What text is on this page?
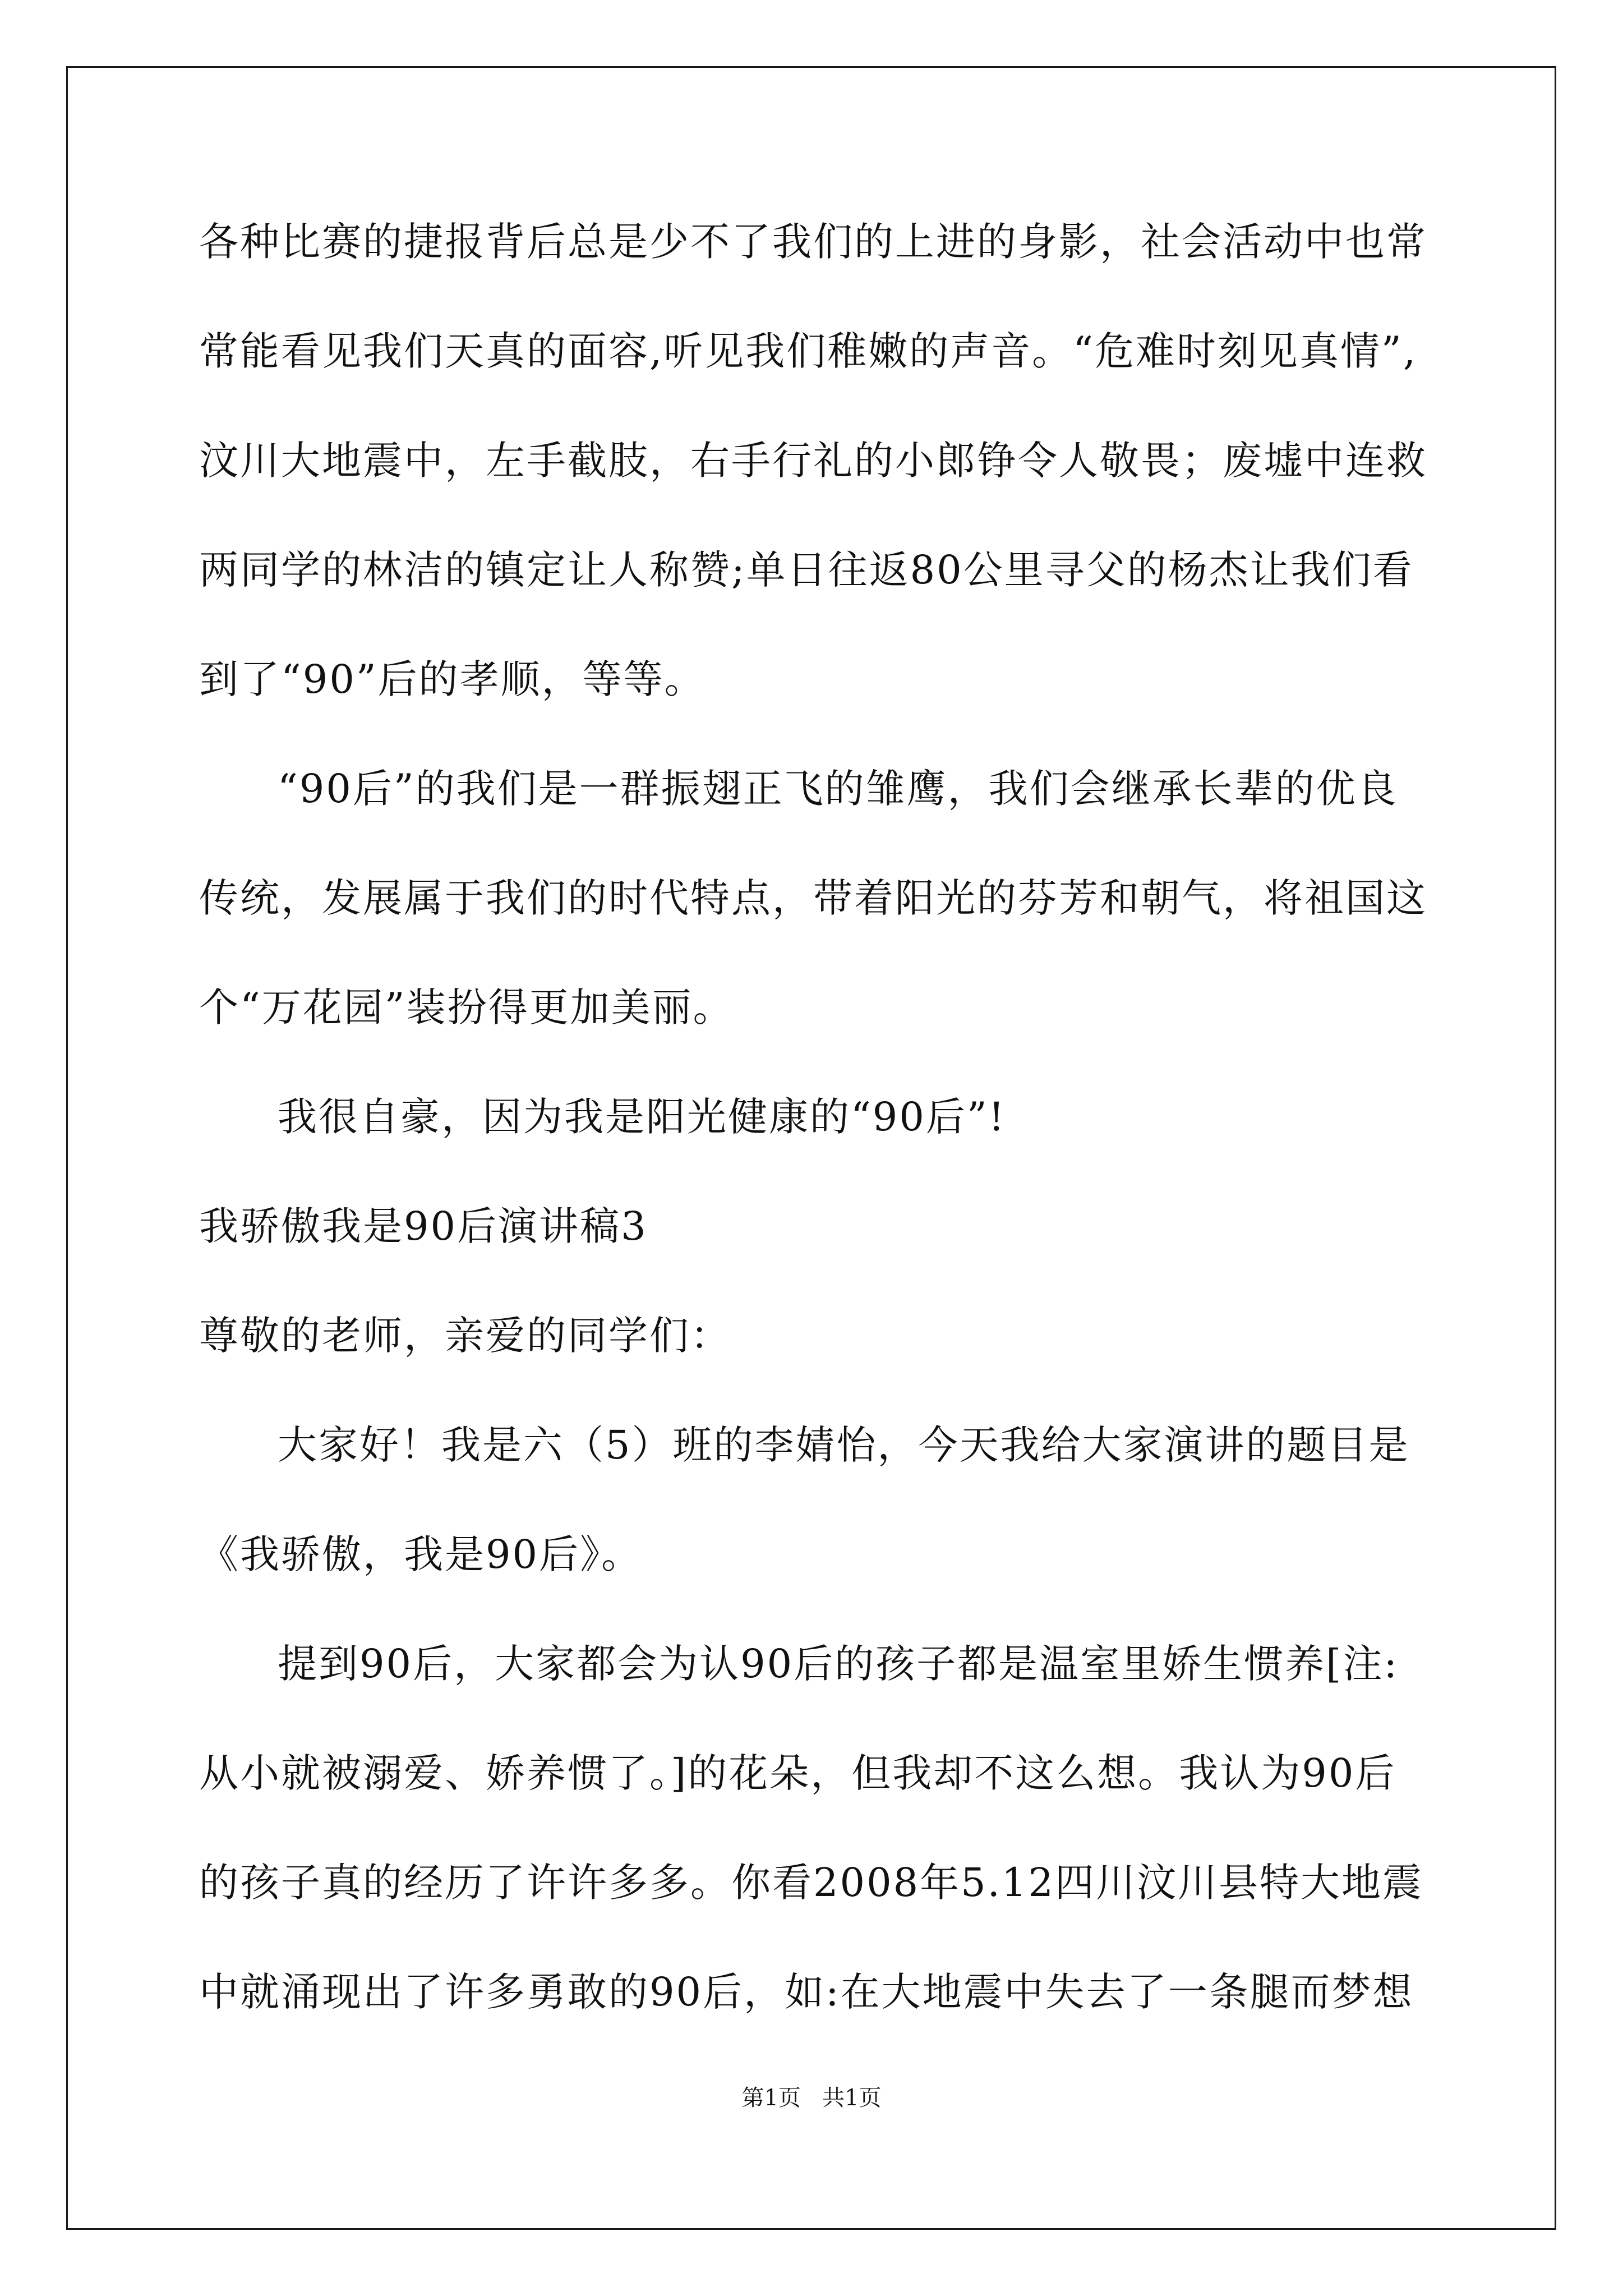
各种比赛的捷报背后总是少不了我们的上进的身影，社会活动中也常
常能看见我们天真的面容,听见我们稚嫩的声音。“危难时刻见真情”,
汶川大地震中，左手截肢，右手行礼的小郎铮令人敬畏；废墟中连救
两同学的林洁的镇定让人称赞;单日往返80公里寻父的杨杰让我们看
到了“90”后的孝顺，等等。
“90后”的我们是一群振翅正飞的雏鹰，我们会继承长辈的优良
传统，发展属于我们的时代特点，带着阳光的芬芳和朝气，将祖国这
个“万花园”装扮得更加美丽。
我很自豪，因为我是阳光健康的“90后”!
我骄傲我是90后演讲稿3
尊敬的老师，亲爱的同学们：
大家好！我是六（5）班的李婧怡，今天我给大家演讲的题目是
《我骄傲，我是90后》。
提到90后，大家都会为认90后的孩子都是温室里娇生惯养[注:
从小就被溺爱、娇养惯了。]的花朵，但我却不这么想。我认为90后
的孩子真的经历了许许多多。你看2008年5.12四川汶川县特大地震
中就涌现出了许多勇敢的90后，如:在大地震中失去了一条腿而梦想
第1页   共1页
